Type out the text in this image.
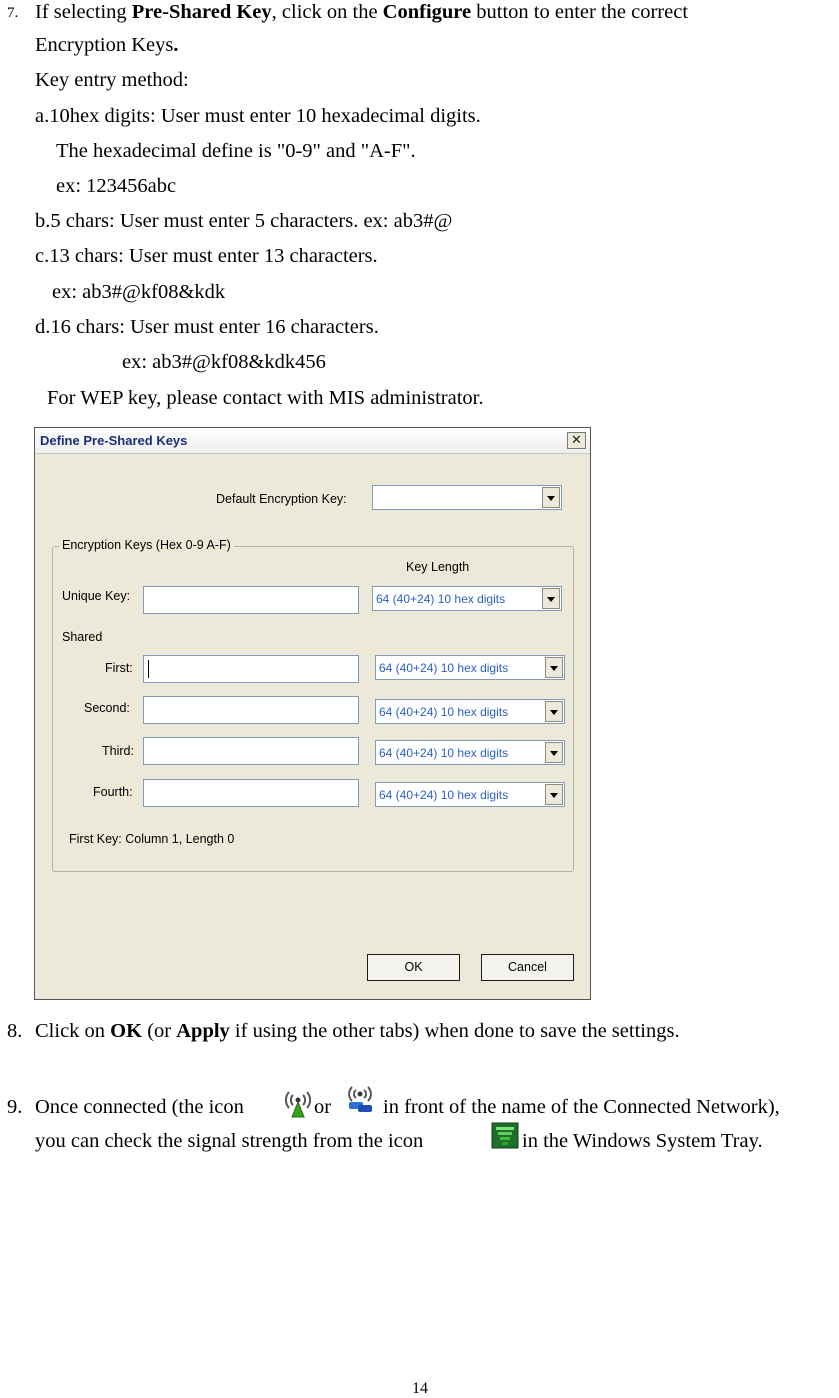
7. If selecting Pre-Shared Key, click on the Configure button to enter the correct
Encryption Keys.
Key entry method:
a.10hex digits: User must enter 10 hexadecimal digits.
The hexadecimal define is "0-9" and "A-F".
ex: 123456abc
b.5 chars: User must enter 5 characters. ex: ab3#@
c.13 chars: User must enter 13 characters.
ex: ab3#@kf08&kdk
d.16 chars: User must enter 16 characters.
ex: ab3#@kf08&kdk456
For WEP key, please contact with MIS administrator.
Define Pre-Shared Keys	✕
Default Encryption Key:
Encryption Keys (Hex 0-9 A-F)
Key Length
Unique Key:	64 (40+24) 10 hex digits
Shared
First:	64 (40+24) 10 hex digits
Second:	64 (40+24) 10 hex digits
Third:	64 (40+24) 10 hex digits
Fourth:	64 (40+24) 10 hex digits
First Key: Column 1, Length 0
OK	Cancel
8. Click on OK (or Apply if using the other tabs) when done to save the settings.
9. Once connected (the icon	or	in front of the name of the Connected Network),
you can check the signal strength from the icon	in the Windows System Tray.
14
